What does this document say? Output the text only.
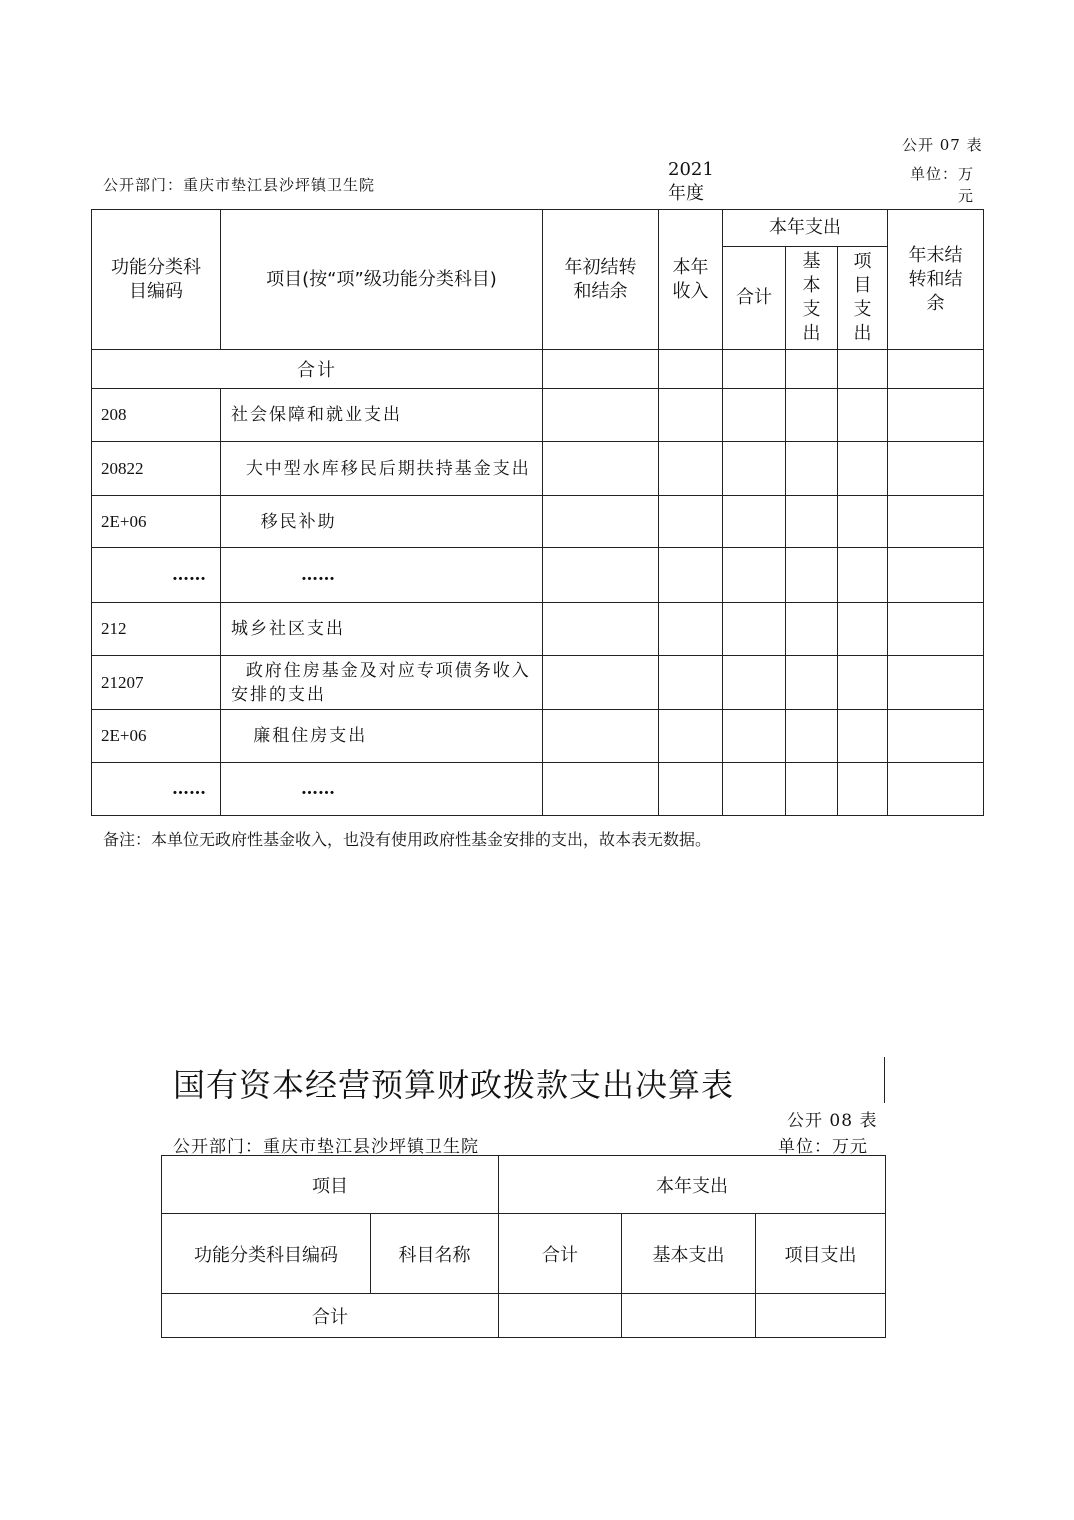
公开 07 表
公开部门：重庆市垫江县沙坪镇卫生院
2021
年度
单位：万
元
功能分类科目编码	项目(按“项”级功能分类科目)	年初结转和结余	本年收入	本年支出			年末结转和结余

				合计	基本支出	项目支出	

合计							
208	社会保障和就业支出						
20822	大中型水库移民后期扶持基金支出						
2E+06	移民补助						
……	……						
212	城乡社区支出						
21207	政府住房基金及对应专项债务收入安排的支出						
2E+06	廉租住房支出						
……	……						
备注：本单位无政府性基金收入，也没有使用政府性基金安排的支出，故本表无数据。
国有资本经营预算财政拨款支出决算表
公开 08 表
公开部门：重庆市垫江县沙坪镇卫生院	单位：万元
项目		本年支出		
功能分类科目编码	科目名称	合计	基本支出	项目支出
合计				
